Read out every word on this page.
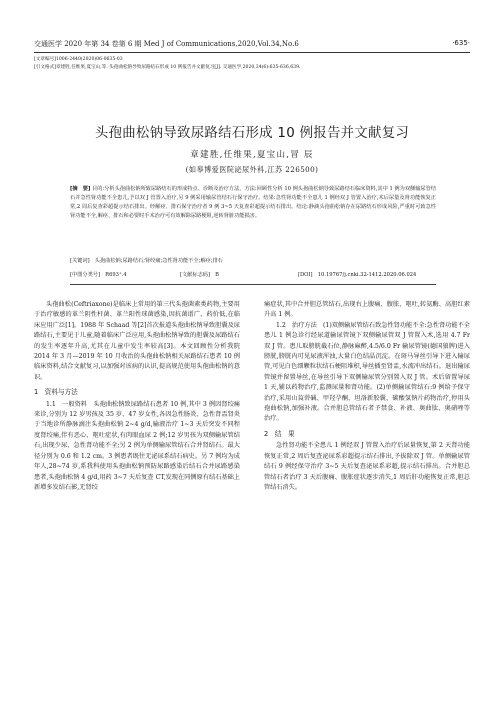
交通医学 2020 年第 34 卷第 6 期 Med J of Communications,2020,Vol.34,No.6	·635·
[文章编号]1006-2440(2020)06-0635-03
[引文格式]章建胜,任维果,夏宝山,等. 头孢曲松钠导致尿路结石形成 10 例报告并文献复习[J]. 交通医学,2020,34(6):635-636,639.
头孢曲松钠导致尿路结石形成 10 例报告并文献复习
章建胜,任维果,夏宝山,冒 辰
(如皋博爱医院泌尿外科,江苏 226500)
[摘　要] 目的:分析头孢曲松钠所致尿路结石的形成特点、诊断及治疗方法。方法:回顾性分析 10 例头孢曲松钠导致尿路结石临床资料,其中 1 例为双侧输尿管结石并急性肾功能不全患儿,予以双 J 管置入治疗,另 9 例采用输尿管结石行保守治疗。结果:急性肾功能不全患儿 1 例经双 J 管置入治疗,术后尿量及肾功能恢复正常,2 周后复查彩超提示结石排出。经解痉、排石保守治疗者 9 例 3~5 天复查彩超提示结石排出。结论:静滴头孢曲松钠存在尿路结石形成风险,严重时可致急性肾功能不全,解痉、排石和必要时手术治疗可有效解除尿路梗阻,逆转肾脏功能损害。
[关键词]　头孢曲松钠;尿路结石;肾绞痛;急性肾功能不全;解痉;排石
[中图分类号]　R693⁺.4	[文献标志码]　B	[DOI]　10.19767/j.cnki.32-1412.2020.06.024

头孢曲松(Ceftriaxone)是临床上常用的第三代头孢菌素类药物,主要用于治疗敏感的革兰阴性杆菌、革兰阳性球菌感染,因抗菌谱广、药价低,在临床应用广泛[1]。1988 年 Schaad 等[2]首次报道头孢曲松钠导致胆囊及尿路结石,主要见于儿童,随着临床广泛应用,头孢曲松钠导致的胆囊及尿路结石的发生率逐年升高,尤其在儿童中发生率较高[3]。本文回顾性分析我院 2014 年 3 月—2019 年 10 月收治的头孢曲松钠相关尿路结石患者 10 例临床资料,结合文献复习,以加强对该病的认识,提高规范使用头孢曲松钠的意识。

1　资料与方法

1.1　一般资料　头孢曲松钠致尿路结石患者 10 例,其中 3 例因肾绞痛来诊,分别为 12 岁男孩及 35 岁、47 岁女性,各因急性肠炎、急性肾盂肾炎于当地诊所静脉滴注头孢曲松钠 2~4 g/d,输液治疗 1~3 天后突发不同程度肾绞痛,伴有恶心、呕吐症状,有肉眼血尿 2 例;12 岁男孩为双侧输尿管结石,出现少尿、急性肾功能不全;另 2 例为单侧输尿管结石合并肾结石。最大径分别为 0.6 和 1.2 cm。3 例患者既往无泌尿系结石病史。另 7 例均为成年人,28~74 岁,系我科使用头孢曲松钠预防尿路感染后结石合并尿路感染患者,头孢曲松钠 4 g/d,用药 3~7 天后复查 CT,发现在同侧原有结石基础上新增多发结石影,无肾绞

痛症状,其中合并胆总管结石,出现右上腹痛、腹胀、呕吐,转氨酶、高胆红素升高 1 例。

1.2　治疗方法　(1)双侧输尿管结石致急性肾功能不全:急性肾功能不全患儿 1 例急诊行经尿道输尿管镜下双侧输尿管双 J 管置入术,选用 4.7 Fr 双 J 管。患儿取膀胱截石位,静脉麻醉,4.5/6.0 Fr 输尿管镜(德国狼牌)进入膀胱,膀胱内可见尿液浑浊,大量白色结晶沉淀。在斑马导丝引导下进入输尿管,可见白色细颗粒状结石梗阻堆积,导丝插至肾盂,水流冲出结石。退出输尿管镜并留置导丝,在导丝引导下双侧输尿管分别置入双 J 管。术后留置导尿 1 天,辅以药物治疗,监测尿量和肾功能。(2)单侧输尿管结石:9 例给予保守治疗,采用山莨菪碱、甲羟孕酮、坦洛新胶囊、碳酸氢钠片药物治疗,停用头孢曲松钠,加强补液。合并胆总管结石者予禁食、补液、奥曲肽、奥硝唑等治疗。

2　结　果

急性肾功能不全患儿 1 例经双 J 管置入治疗后尿量恢复,第 2 天肾功能恢复正常,2 周后复查泌尿系彩超提示结石排出,予拔除双 J 管。单侧输尿管结石 9 例经保守治疗 3~5 天后复查泌尿系彩超,提示结石排出。合并胆总管结石者治疗 3 天后腹痛、腹胀症状逐步消失,1 周后肝功能恢复正常,胆总管结石消失。
